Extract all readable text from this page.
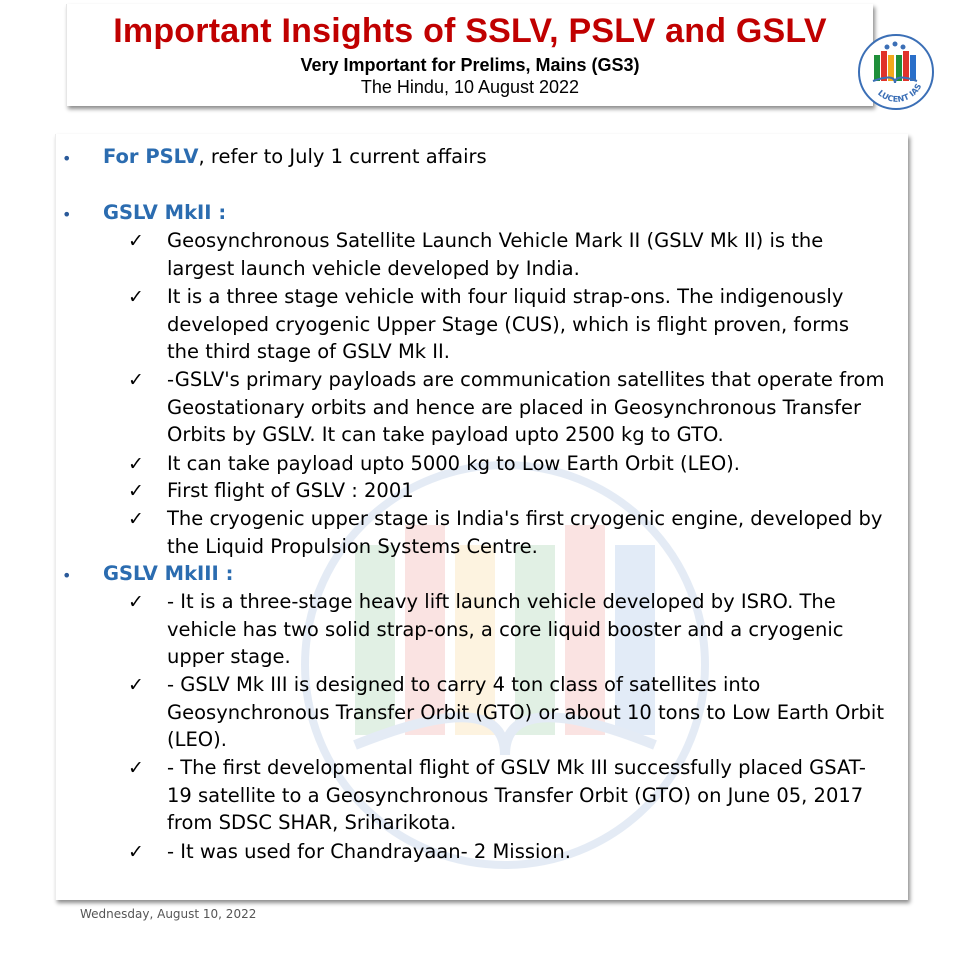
Important Insights of SSLV, PSLV and GSLV
Very Important for Prelims, Mains (GS3)
The Hindu, 10 August 2022	LUCENT IAS
• For PSLV, refer to July 1 current affairs
• GSLV MkII :
✓ Geosynchronous Satellite Launch Vehicle Mark II (GSLV Mk II) is the largest launch vehicle developed by India.
✓ It is a three stage vehicle with four liquid strap-ons. The indigenously developed cryogenic Upper Stage (CUS), which is flight proven, forms the third stage of GSLV Mk II.
✓ -GSLV's primary payloads are communication satellites that operate from Geostationary orbits and hence are placed in Geosynchronous Transfer Orbits by GSLV. It can take payload upto 2500 kg to GTO.
✓ It can take payload upto 5000 kg to Low Earth Orbit (LEO).
✓ First flight of GSLV : 2001
✓ The cryogenic upper stage is India's first cryogenic engine, developed by the Liquid Propulsion Systems Centre.
• GSLV MkIII :
✓ - It is a three-stage heavy lift launch vehicle developed by ISRO. The vehicle has two solid strap-ons, a core liquid booster and a cryogenic upper stage.
✓ - GSLV Mk III is designed to carry 4 ton class of satellites into Geosynchronous Transfer Orbit (GTO) or about 10 tons to Low Earth Orbit (LEO).
✓ - The first developmental flight of GSLV Mk III successfully placed GSAT-19 satellite to a Geosynchronous Transfer Orbit (GTO) on June 05, 2017 from SDSC SHAR, Sriharikota.
✓ - It was used for Chandrayaan- 2 Mission.
Wednesday, August 10, 2022
